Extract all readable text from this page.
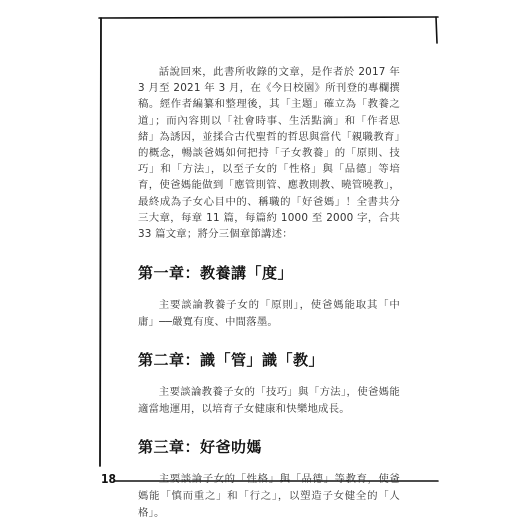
話說回來，此書所收錄的文章，是作者於 2017 年 3 月至 2021 年 3 月，在《今日校園》所刊登的專欄撰稿。經作者編纂和整理後，其「主題」確立為「教養之道」；而內容則以「社會時事、生活點滴」和「作者思緒」為誘因，並揉合古代聖哲的哲思與當代「親職教育」的概念，暢談爸媽如何把持「子女教養」的「原則、技巧」和「方法」，以至子女的「性格」與「品德」等培育，使爸媽能做到「應管則管、應教則教、曉管曉教」，最終成為子女心目中的、稱職的「好爸媽」！全書共分三大章，每章 11 篇，每篇約 1000 至 2000 字，合共 33 篇文章；將分三個章節講述：

第一章：教養講「度」

主要談論教養子女的「原則」，使爸媽能取其「中庸」──嚴寬有度、中間落墨。

第二章：識「管」識「教」

主要談論教養子女的「技巧」與「方法」，使爸媽能適當地運用，以培育子女健康和快樂地成長。

第三章：好爸叻媽

主要談論子女的「性格」與「品德」等教育，使爸媽能「慎而重之」和「行之」，以塑造子女健全的「人格」。

18
